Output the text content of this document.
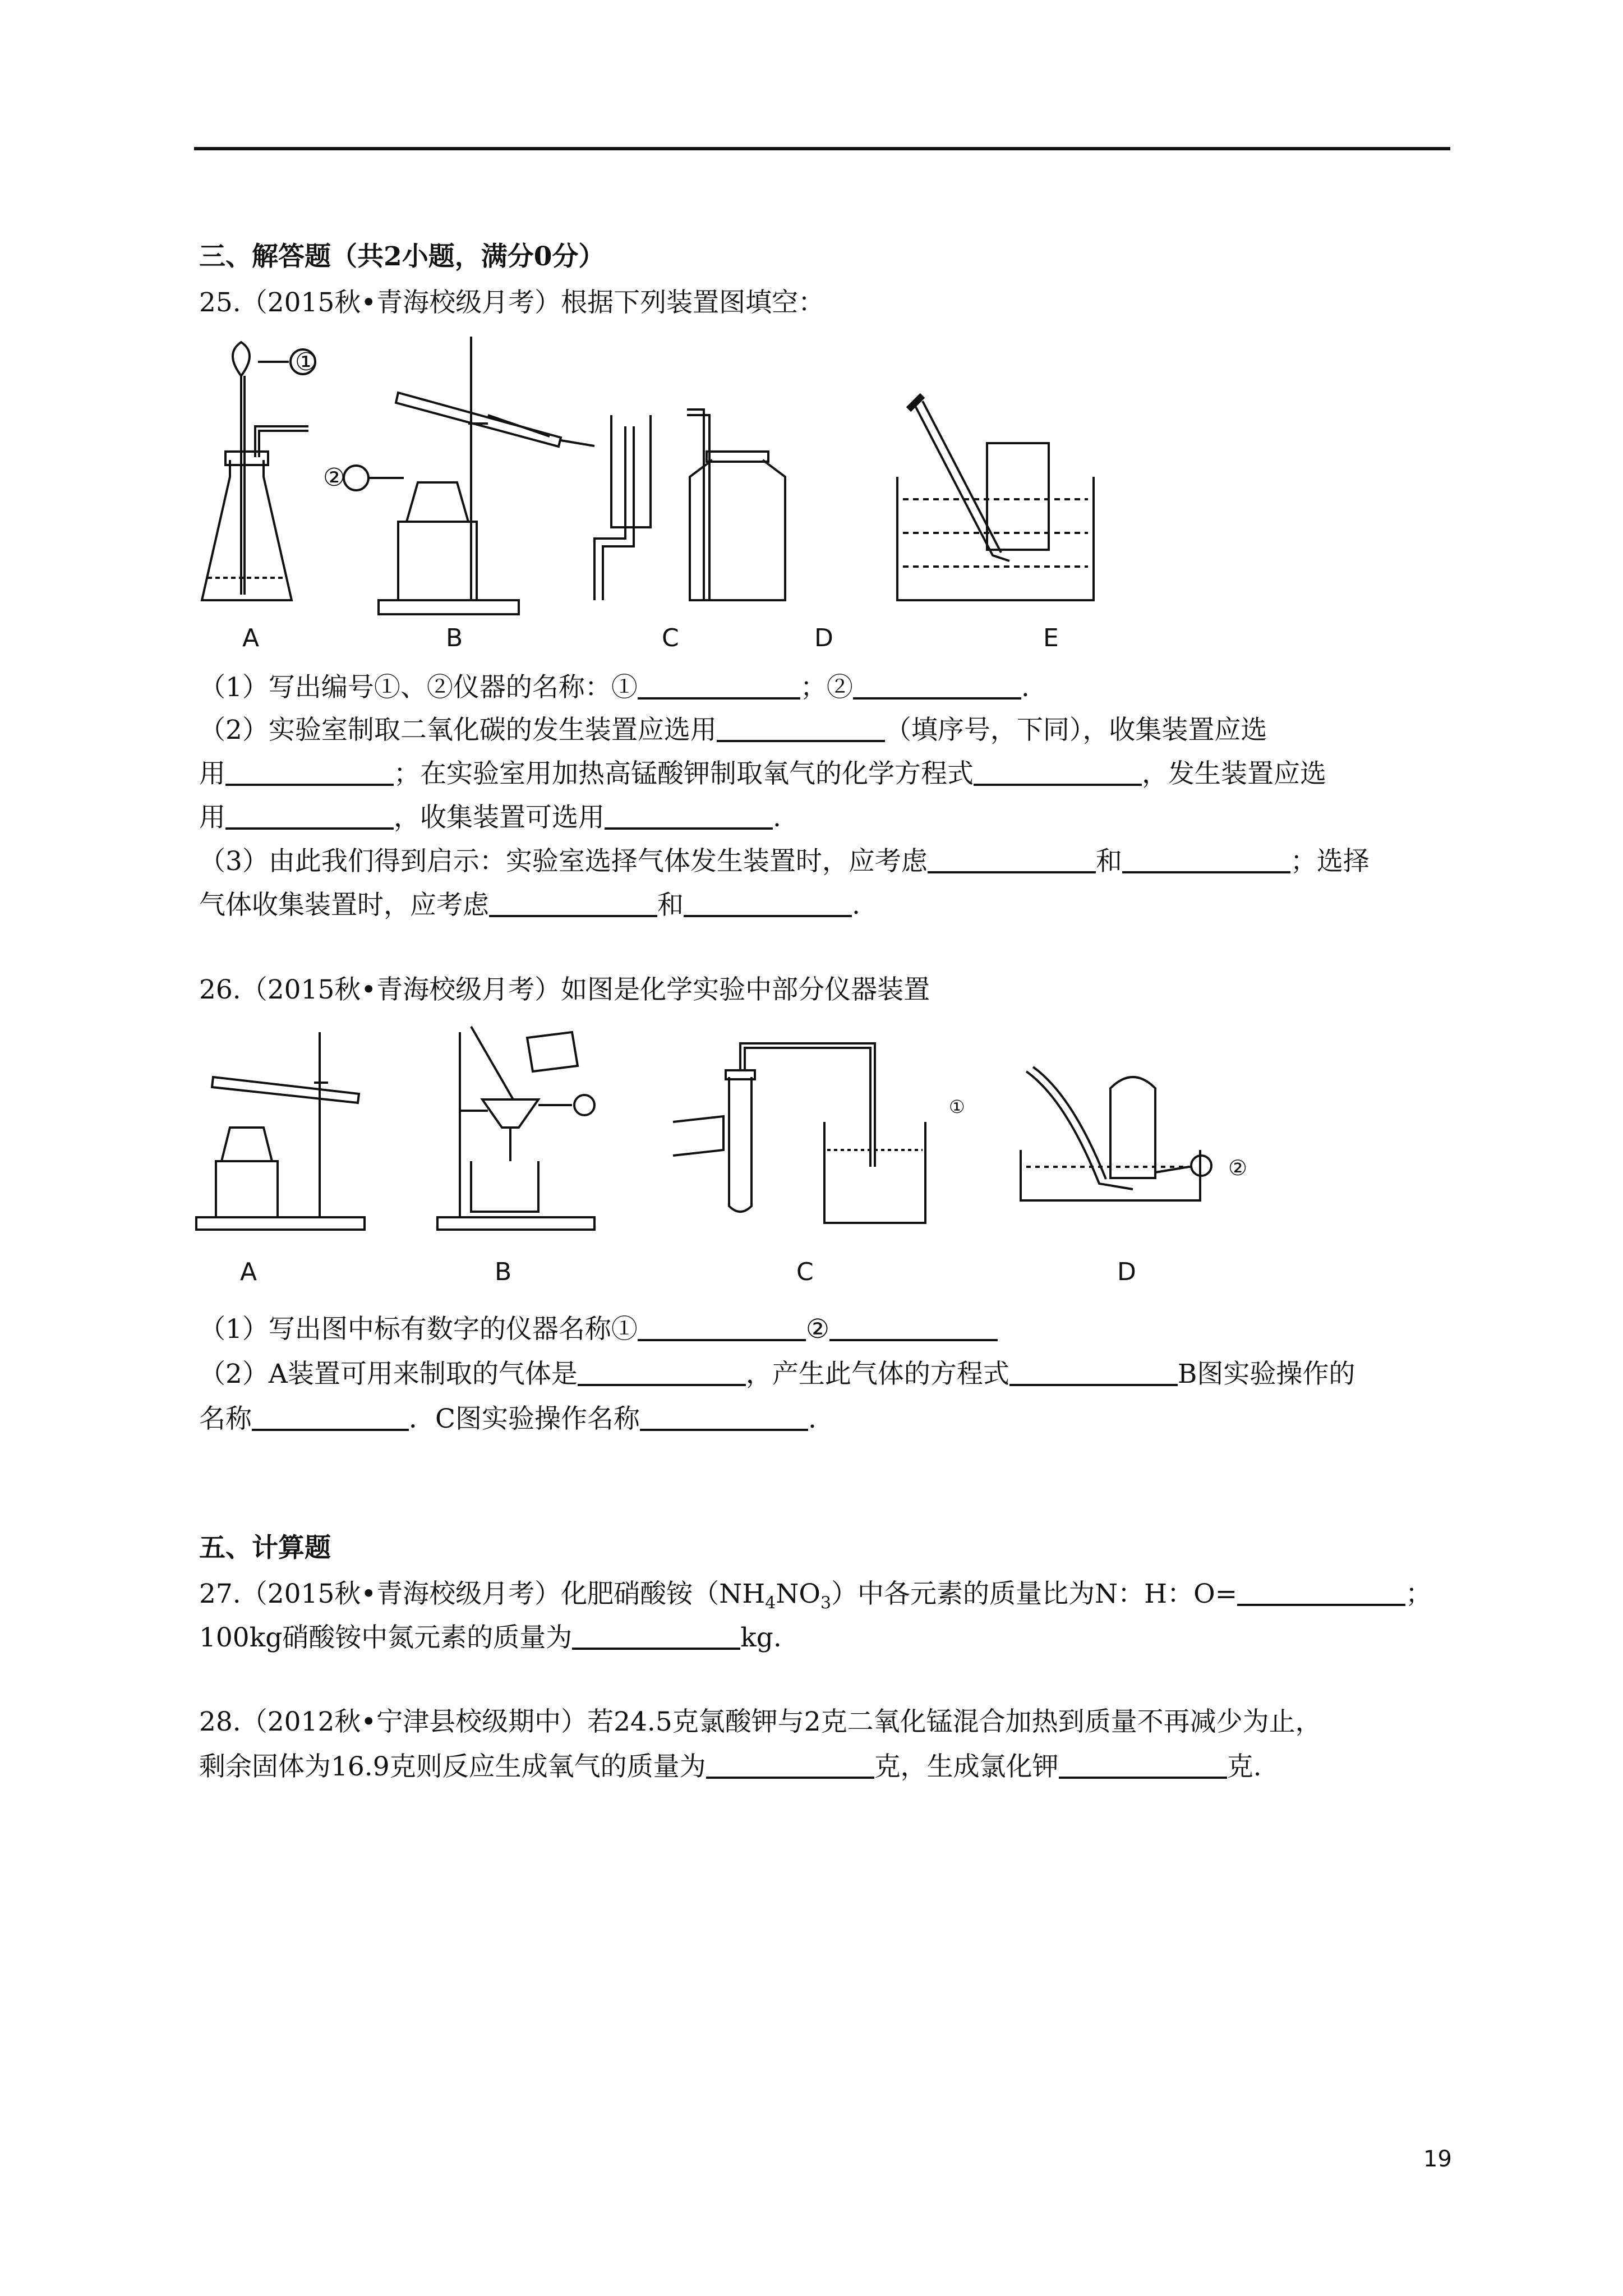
三、解答题（共2小题，满分0分）
25.（2015秋•青海校级月考）根据下列装置图填空：
A	B	C	D	E
①
②
（1）写出编号①、②仪器的名称：①	；②	.
（2）实验室制取二氧化碳的发生装置应选用	（填序号，下同），收集装置应选
用	；在实验室用加热高锰酸钾制取氧气的化学方程式	，发生装置应选
用	，收集装置可选用	.
（3）由此我们得到启示：实验室选择气体发生装置时，应考虑	和	；选择
气体收集装置时，应考虑	和	.
26.（2015秋•青海校级月考）如图是化学实验中部分仪器装置
A	B	C	D
①
②
（1）写出图中标有数字的仪器名称①	②
（2）A装置可用来制取的气体是	，产生此气体的方程式	B图实验操作的
名称	．C图实验操作名称	.
五、计算题
27.（2015秋•青海校级月考）化肥硝酸铵$(NH_4NO_3)$中各元素的质量比为N：H：O=	；
100kg硝酸铵中氮元素的质量为	kg.
28.（2012秋•宁津县校级期中）若24.5克氯酸钾与2克二氧化锰混合加热到质量不再减少为止，
剩余固体为16.9克则反应生成氧气的质量为	克，生成氯化钾	克.
19
